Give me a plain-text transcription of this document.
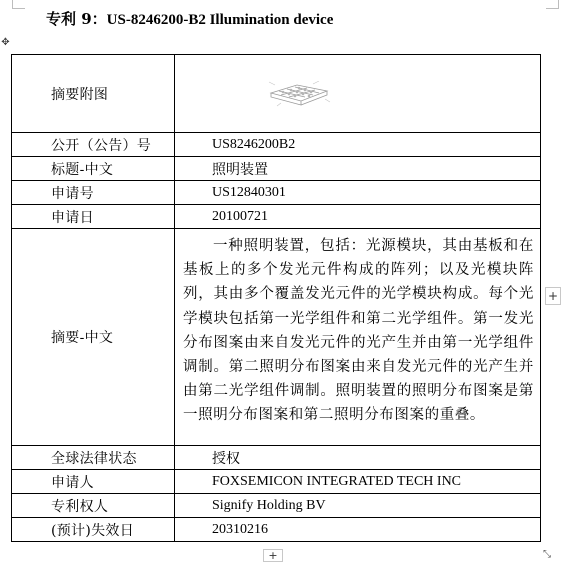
专利 9：US-8246200-B2 Illumination device
✥
摘要附图	

公开（公告）号	US8246200B2
标题-中文	照明装置
申请号	US12840301
申请日	20100721
摘要-中文	一种照明装置，包括：光源模块，其由基板和在基板上的多个发光元件构成的阵列；以及光模块阵列，其由多个覆盖发光元件的光学模块构成。每个光学模块包括第一光学组件和第二光学组件。第一发光分布图案由来自发光元件的光产生并由第一光学组件调制。第二照明分布图案由来自发光元件的光产生并由第二光学组件调制。照明装置的照明分布图案是第一照明分布图案和第二照明分布图案的重叠。

全球法律状态	授权
申请人	FOXSEMICON INTEGRATED TECH INC
专利权人	Signify Holding BV
(预计)失效日	20310216
+
+	⤡
